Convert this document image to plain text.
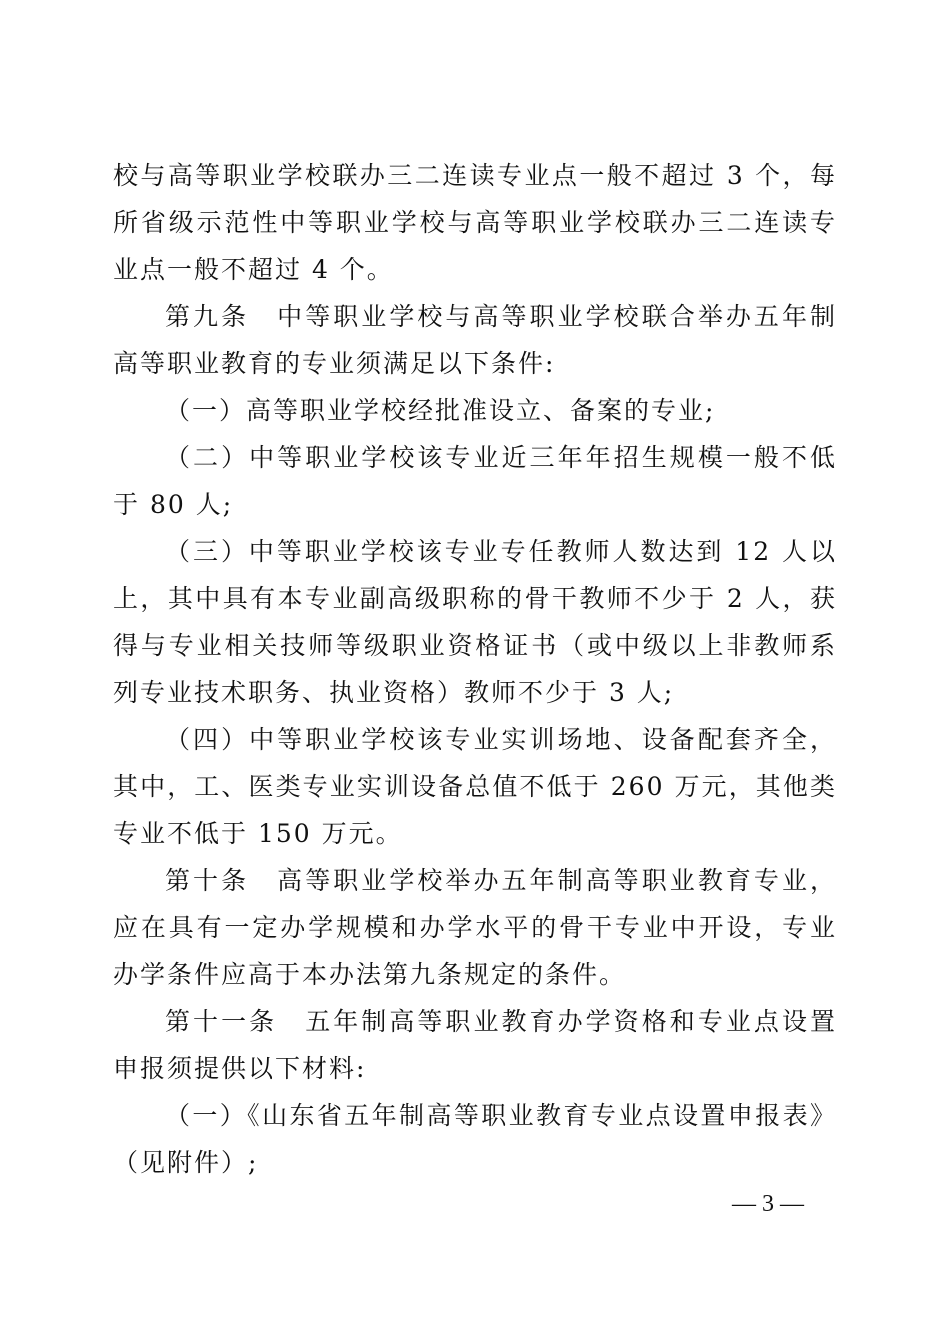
校与高等职业学校联办三二连读专业点一般不超过 3 个，每所省级示范性中等职业学校与高等职业学校联办三二连读专业点一般不超过 4 个。

第九条　中等职业学校与高等职业学校联合举办五年制高等职业教育的专业须满足以下条件:

（一）高等职业学校经批准设立、备案的专业;

（二）中等职业学校该专业近三年年招生规模一般不低于 80 人;

（三）中等职业学校该专业专任教师人数达到 12 人以上，其中具有本专业副高级职称的骨干教师不少于 2 人，获得与专业相关技师等级职业资格证书（或中级以上非教师系列专业技术职务、执业资格）教师不少于 3 人;

（四）中等职业学校该专业实训场地、设备配套齐全，其中，工、医类专业实训设备总值不低于 260 万元，其他类专业不低于 150 万元。

第十条　高等职业学校举办五年制高等职业教育专业，应在具有一定办学规模和办学水平的骨干专业中开设，专业办学条件应高于本办法第九条规定的条件。

第十一条　五年制高等职业教育办学资格和专业点设置申报须提供以下材料:

（一）《山东省五年制高等职业教育专业点设置申报表》（见附件）;

— 3 —
